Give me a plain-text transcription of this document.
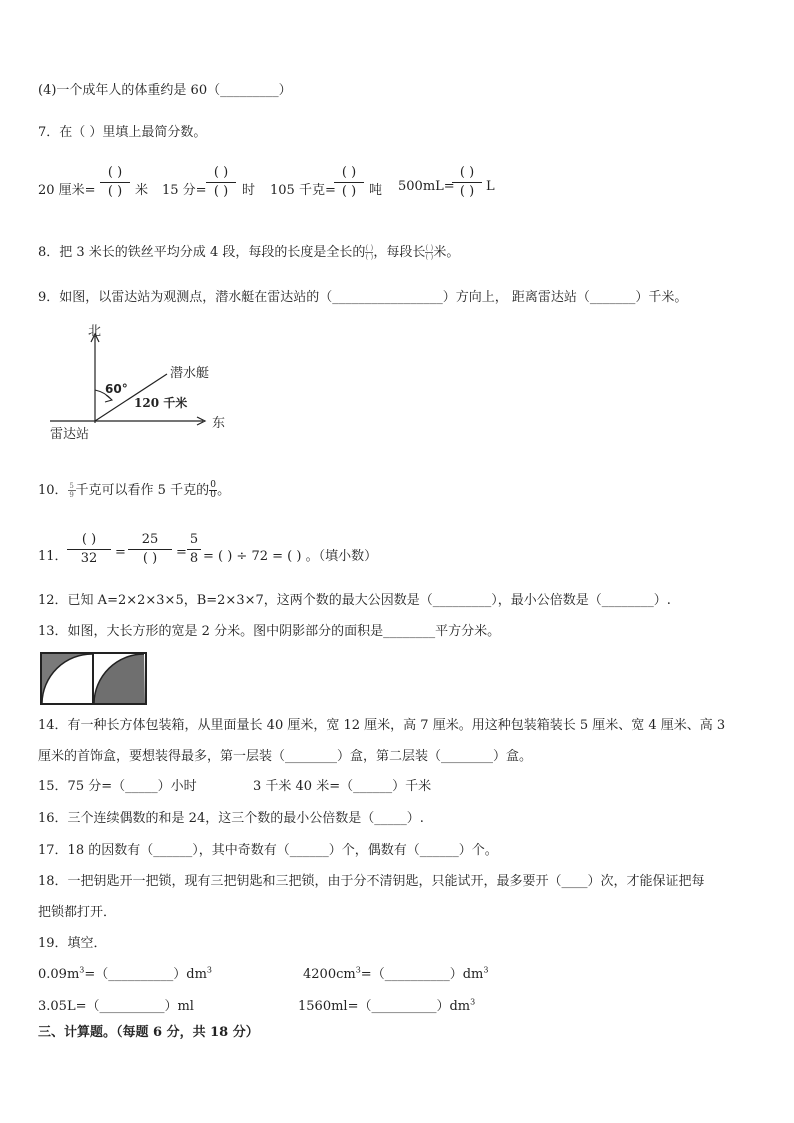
(4)一个成年人的体重约是 60（_________）
7．在（ ）里填上最简分数。
20 厘米=
( )
( ) 米 15 分=
( )
( )	时 105 千克=
( )
( ) 吨 500mL=
( )
( ) L
8．把 3 米长的铁丝平均分成 4 段，每段的长度是全长的( )
( )，每段长( )
( )米。
9．如图，以雷达站为观测点，潜水艇在雷达站的（_________________）方向上， 距离雷达站（_______）千米。
北
东
雷达站
潜水艇
60°
120 千米
10．$\frac{5}{9}$千克可以看作 5 千克的$\frac{0}{0}$。
11．
( )
32	=
25
( )	=
5
8 = ( ) ÷ 72 = ( ) 。（填小数）
12．已知 A=2×2×3×5，B=2×3×7，这两个数的最大公因数是（_________），最小公倍数是（________）.
13．如图，大长方形的宽是 2 分米。图中阴影部分的面积是________平方分米。
14．有一种长方体包装箱，从里面量长 40 厘米，宽 12 厘米，高 7 厘米。用这种包装箱装长 5 厘米、宽 4 厘米、高 3
厘米的首饰盒，要想装得最多，第一层装（________）盒，第二层装（________）盒。
15．75 分=（_____）小时	3 千米 40 米=（______）千米
16．三个连续偶数的和是 24，这三个数的最小公倍数是（_____）.
17．18 的因数有（______），其中奇数有（______）个，偶数有（______）个。
18．一把钥匙开一把锁，现有三把钥匙和三把锁，由于分不清钥匙，只能试开，最多要开（____）次，才能保证把每
把锁都打开．
19．填空．
$0.09m^3=(\_\_\_\_\_\_\_\_\_\_)dm^3$	$4200cm^3=(\_\_\_\_\_\_\_\_\_\_)dm^3$
3.05L=（__________）ml	$1560ml=(\_\_\_\_\_\_\_\_\_\_)dm^3$
三、计算题。（每题 6 分，共 18 分）
